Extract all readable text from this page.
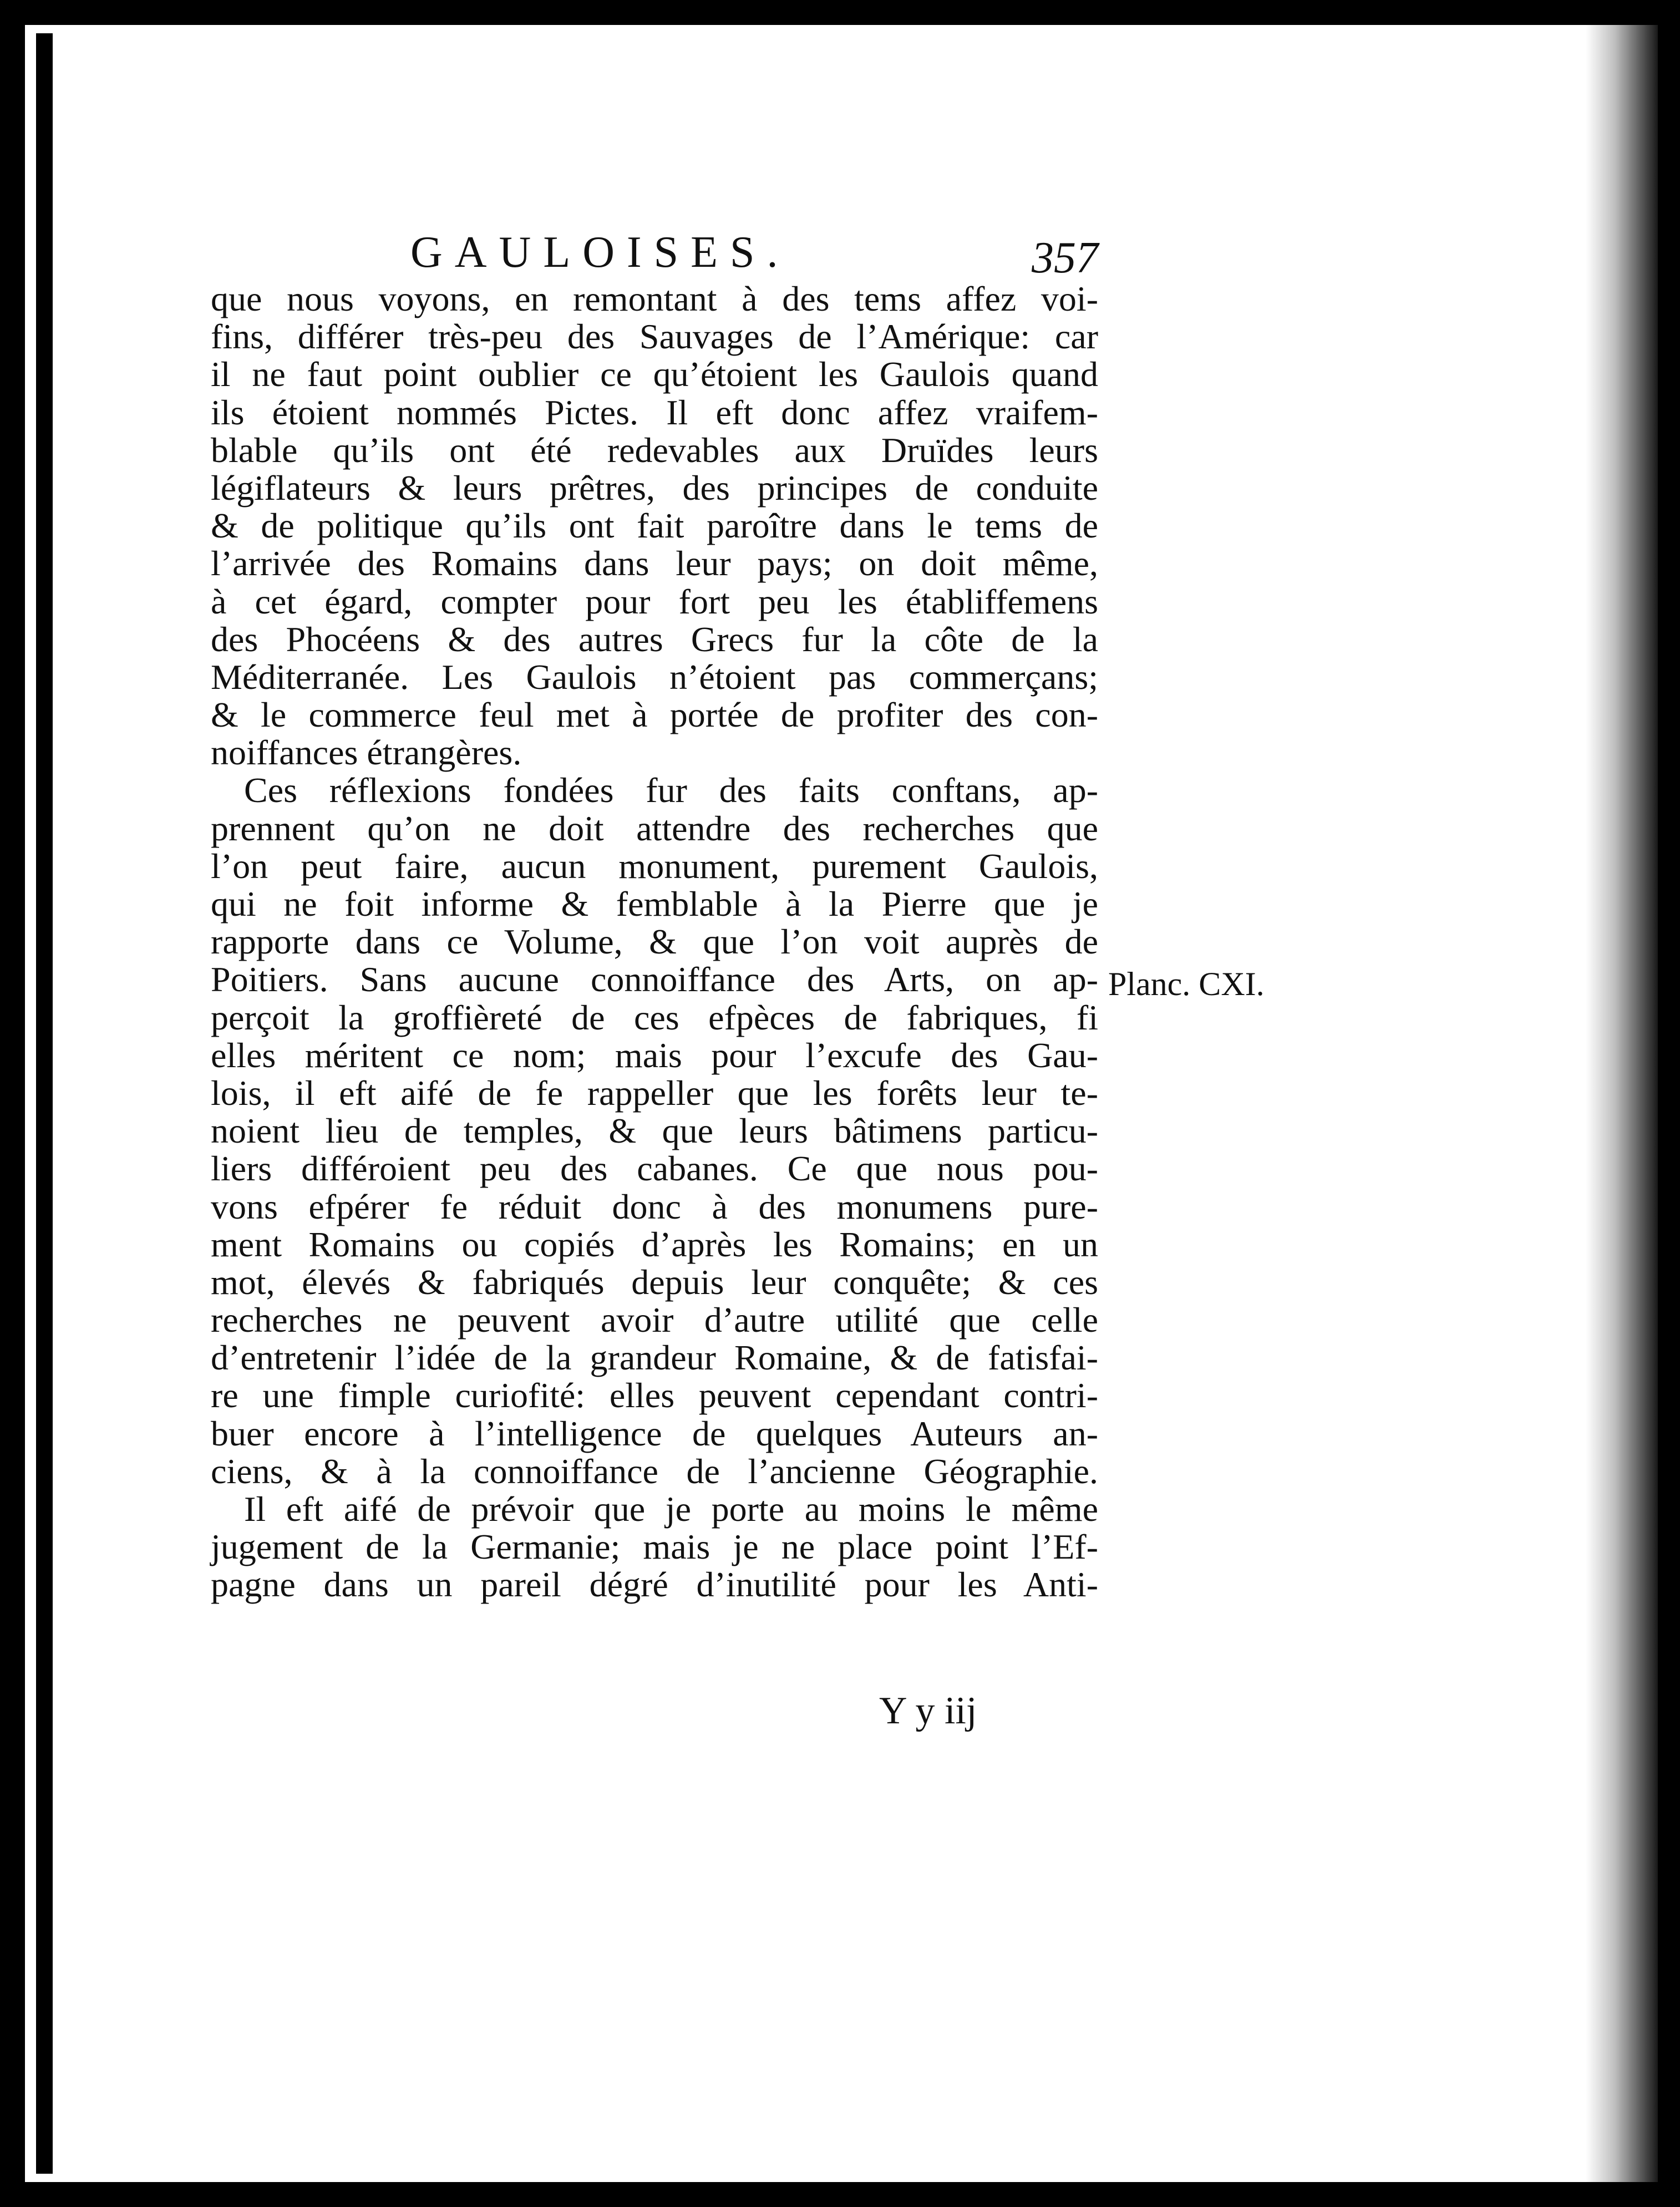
GAULOISES.	357
que nous voyons, en remontant à des tems affez voi-
fins, différer très-peu des Sauvages de l’Amérique: car
il ne faut point oublier ce qu’étoient les Gaulois quand
ils étoient nommés Pictes. Il eft donc affez vraifem-
blable qu’ils ont été redevables aux Druïdes leurs
légiflateurs & leurs prêtres, des principes de conduite
& de politique qu’ils ont fait paroître dans le tems de
l’arrivée des Romains dans leur pays; on doit même,
à cet égard, compter pour fort peu les établiffemens
des Phocéens & des autres Grecs fur la côte de la
Méditerranée. Les Gaulois n’étoient pas commerçans;
& le commerce feul met à portée de profiter des con-
noiffances étrangères.
Ces réflexions fondées fur des faits conftans, ap-
prennent qu’on ne doit attendre des recherches que
l’on peut faire, aucun monument, purement Gaulois,
qui ne foit informe & femblable à la Pierre que je
rapporte dans ce Volume, & que l’on voit auprès de
Poitiers. Sans aucune connoiffance des Arts, on ap-
perçoit la groffièreté de ces efpèces de fabriques, fi
elles méritent ce nom; mais pour l’excufe des Gau-
lois, il eft aifé de fe rappeller que les forêts leur te-
noient lieu de temples, & que leurs bâtimens particu-
liers différoient peu des cabanes. Ce que nous pou-
vons efpérer fe réduit donc à des monumens pure-
ment Romains ou copiés d’après les Romains; en un
mot, élevés & fabriqués depuis leur conquête; & ces
recherches ne peuvent avoir d’autre utilité que celle
d’entretenir l’idée de la grandeur Romaine, & de fatisfai-
re une fimple curiofité: elles peuvent cependant contri-
buer encore à l’intelligence de quelques Auteurs an-
ciens, & à la connoiffance de l’ancienne Géographie.
Il eft aifé de prévoir que je porte au moins le même
jugement de la Germanie; mais je ne place point l’Ef-
pagne dans un pareil dégré d’inutilité pour les Anti-
Planc. CXI.
Y y iij
